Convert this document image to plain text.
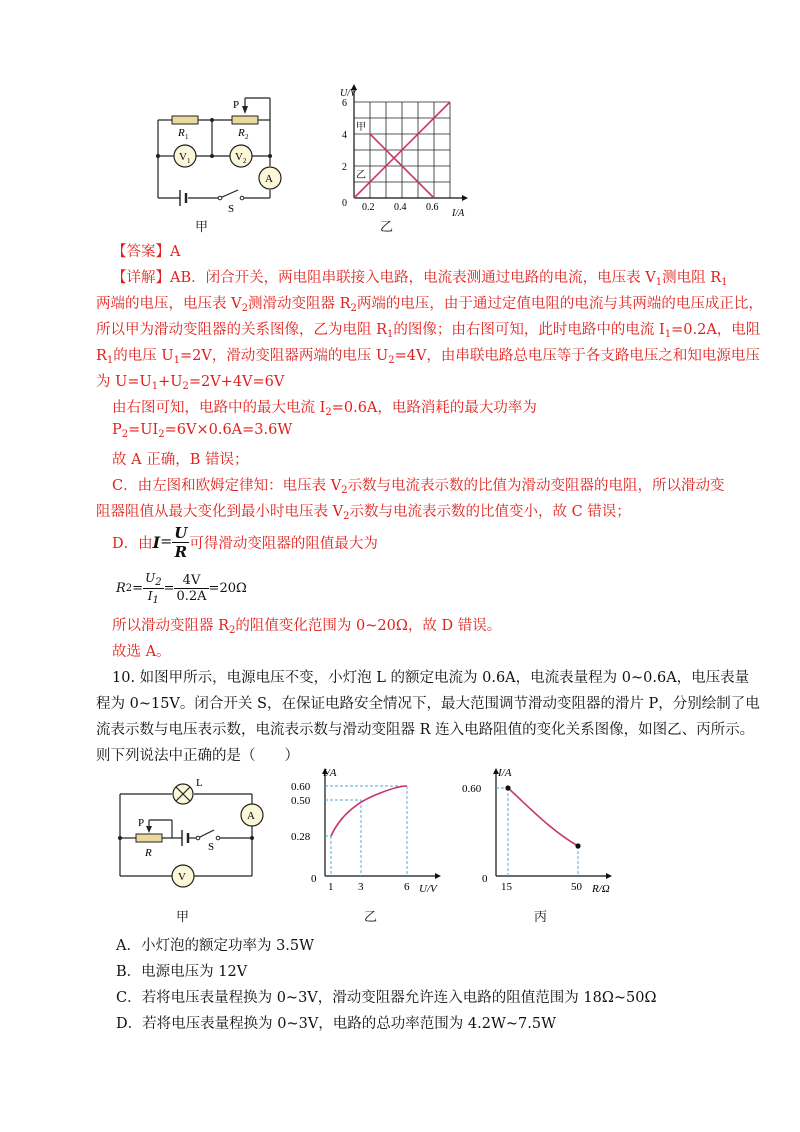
V 1	V 2
A
R 1	R 2
P
S
甲
甲
乙
U/V
I/A
6
4
2
0 0.2 0.4 0.6
乙
【答案】A
【详解】AB．闭合开关，两电阻串联接入电路，电流表测通过电路的电流，电压表 $V_1$测电阻 $R_1$
两端的电压，电压表 $V_2$测滑动变阻器 $R_2$两端的电压，由于通过定值电阻的电流与其两端的电压成正比，
所以甲为滑动变阻器的关系图像，乙为电阻 $R_1$的图像；由右图可知，此时电路中的电流 $I_1=0.2A$，电阻
$R_1$的电压 $U_1=2V$，滑动变阻器两端的电压 $U_2=4V$，由串联电路总电压等于各支路电压之和知电源电压
为 $U=U_1+U_2=2V+4V=6V$
由右图可知，电路中的最大电流 $I_2=0.6A$，电路消耗的最大功率为
$P_2=UI_2=6V\times 0.6A=3.6W$
故 A 正确，B 错误；
C．由左图和欧姆定律知：电压表 $V_2$示数与电流表示数的比值为滑动变阻器的电阻，所以滑动变
阻器阻值从最大变化到最小时电压表 $V_2$示数与电流表示数的比值变小，故 C 错误；
D．由 $I = \frac{U}{R}$ 可得滑动变阻器的阻值最大为
R $2 = \frac{U_2}{I_1} = \frac{4V}{0.2A} =20\Omega$
所以滑动变阻器 $R_2$的阻值变化范围为 0~20Ω，故 D 错误。
故选 A。
10. 如图甲所示，电源电压不变，小灯泡 L 的额定电流为 0.6A，电流表量程为 0~0.6A，电压表量
程为 0~15V。闭合开关 S，在保证电路安全情况下，最大范围调节滑动变阻器的滑片 P，分别绘制了电
流表示数与电压表示数，电流表示数与滑动变阻器 R 连入电路阻值的变化关系图像，如图乙、丙所示。
则下列说法中正确的是（　　）
L
P
R	S
A
V
甲
I/A
U/V
0.60
0.50
0.28
0
1 3	6
乙
I/A
R/Ω
0.60
0
15	50
丙
A．小灯泡的额定功率为 3.5W
B．电源电压为 12V
C．若将电压表量程换为 0~3V，滑动变阻器允许连入电路的阻值范围为 18Ω~50Ω
D．若将电压表量程换为 0~3V，电路的总功率范围为 4.2W~7.5W
